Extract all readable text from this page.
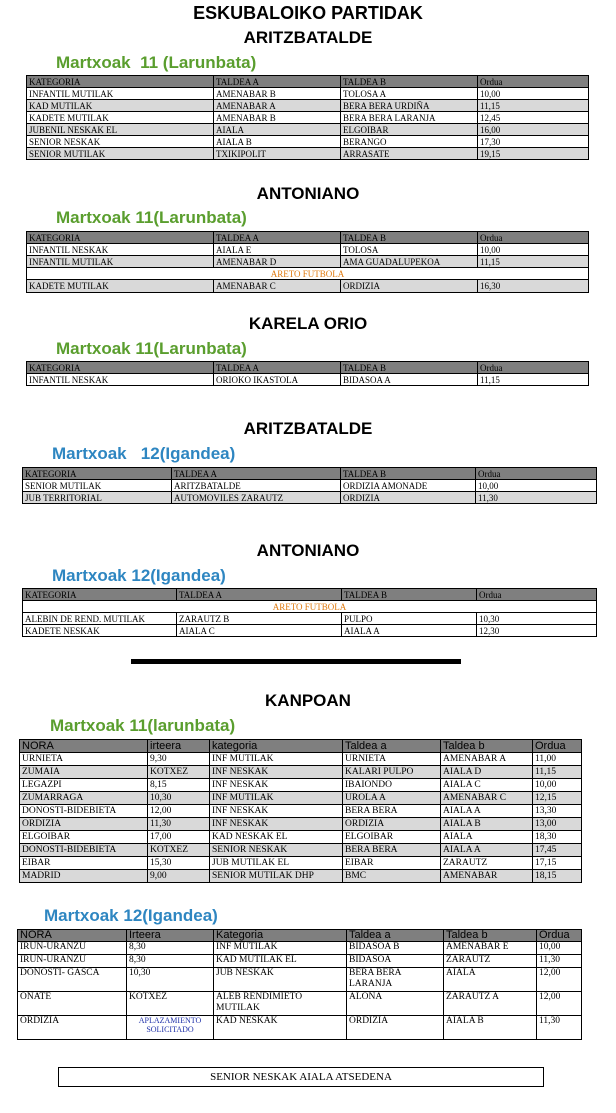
ESKUBALOIKO PARTIDAK
ARITZBATALDE
Martxoak  11 (Larunbata)
KATEGORIA	TALDEA A	TALDEA B	Ordua
INFANTIL MUTILAK	AMENABAR B	TOLOSA A	10,00
KAD MUTILAK	AMENABAR A	BERA BERA URDIÑA	11,15
KADETE MUTILAK	AMENABAR B	BERA BERA LARANJA	12,45
JUBENIL NESKAK EL	AIALA	ELGOIBAR	16,00
SENIOR NESKAK	AIALA B	BERANGO	17,30
SENIOR MUTILAK	TXIKIPOLIT	ARRASATE	19,15
ANTONIANO
Martxoak 11(Larunbata)
KATEGORIA	TALDEA A	TALDEA B	Ordua
INFANTIL NESKAK	AIALA E	TOLOSA	10,00
INFANTIL MUTILAK	AMENABAR D	AMA GUADALUPEKOA	11,15
ARETO FUTBOLA			
KADETE MUTILAK	AMENABAR C	ORDIZIA	16,30
KARELA ORIO
Martxoak 11(Larunbata)
KATEGORIA	TALDEA A	TALDEA B	Ordua
INFANTIL NESKAK	ORIOKO IKASTOLA	BIDASOA A	11,15
ARITZBATALDE
Martxoak   12(Igandea)
KATEGORIA	TALDEA A	TALDEA B	Ordua
SENIOR MUTILAK	ARITZBATALDE	ORDIZIA AMONADE	10,00
JUB TERRITORIAL	AUTOMOVILES ZARAUTZ	ORDIZIA	11,30
ANTONIANO
Martxoak 12(Igandea)
KATEGORIA	TALDEA A	TALDEA B	Ordua
ARETO FUTBOLA			
ALEBIN DE REND. MUTILAK	ZARAUTZ B	PULPO	10,30
KADETE NESKAK	AIALA C	AIALA A	12,30
KANPOAN
Martxoak 11(larunbata)
NORA	irteera	kategoria	Taldea a	Taldea b	Ordua
URNIETA	9,30	INF MUTILAK	URNIETA	AMENABAR A	11,00
ZUMAIA	KOTXEZ	INF NESKAK	KALARI PULPO	AIALA D	11,15
LEGAZPI	8,15	INF NESKAK	IBAIONDO	AIALA C	10,00
ZUMARRAGA	10,30	INF MUTILAK	UROLA A	AMENABAR C	12,15
DONOSTI-BIDEBIETA	12,00	INF NESKAK	BERA BERA	AIALA A	13,30
ORDIZIA	11,30	INF NESKAK	ORDIZIA	AIALA B	13,00
ELGOIBAR	17,00	KAD NESKAK EL	ELGOIBAR	AIALA	18,30
DONOSTI-BIDEBIETA	KOTXEZ	SENIOR NESKAK	BERA BERA	AIALA A	17,45
EIBAR	15,30	JUB MUTILAK EL	EIBAR	ZARAUTZ	17,15
MADRID	9,00	SENIOR MUTILAK DHP	BMC	AMENABAR	18,15
Martxoak 12(Igandea)
NORA	Irteera	Kategoria	Taldea a	Taldea b	Ordua
IRUN-URANZU	8,30	INF MUTILAK	BIDASOA B	AMENABAR E	10,00
IRUN-URANZU	8,30	KAD MUTILAK EL	BIDASOA	ZARAUTZ	11,30
DONOSTI- GASCA	10,30	JUB NESKAK	BERA BERA LARANJA	AIALA	12,00
OÑATE	KOTXEZ	ALEB RENDIMIETO MUTILAK	ALOÑA	ZARAUTZ A	12,00
ORDIZIA	APLAZAMIENTO SOLICITADO	KAD NESKAK	ORDIZIA	AIALA B	11,30
SENIOR NESKAK AIALA ATSEDENA
